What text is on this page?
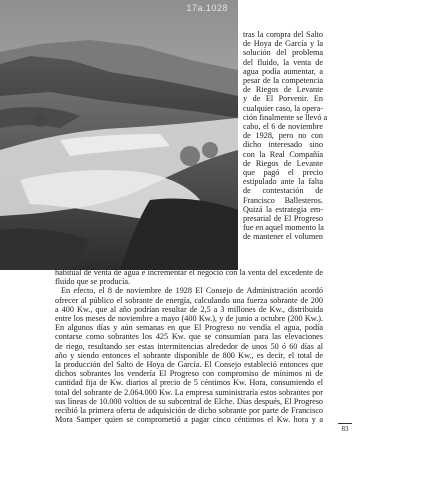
17a.1028
tras la compra del Salto
de Hoya de García y la
solución del problema
del fluido, la venta de
agua podía aumentar, a
pesar de la competencia
de Riegos de Levante
y de El Porvenir. En
cualquier caso, la opera-
ción finalmente se llevó a
cabo, el 6 de noviembre
de 1928, pero no con
dicho interesado sino
con la Real Compañía
de Riegos de Levante
que pagó el precio
estipulado ante la falta
de contestación de
Francisco Ballesteros.
Quizá la estrategia em-
presarial de El Progreso
fue en aquel momento la
de mantener el volumen
habitual de venta de agua e incrementar el negocio con la venta del excedente de
fluido que se producía.
En efecto, el 8 de noviembre de 1928 El Consejo de Administración acordó
ofrecer al público el sobrante de energía, calculando una fuerza sobrante de 200
a 400 Kw., que al año podrían resultar de 2,5 a 3 millones de Kw., distribuida
entre los meses de noviembre a mayo (400 Kw.), y de junio a octubre (200 Kw.).
En algunos días y aún semanas en que El Progreso no vendía el agua, podía
contarse como sobrantes los 425 Kw. que se consumían para las elevaciones
de riego, resultando ser estas intermitencias alrededor de unos 50 ó 60 días al
año y siendo entonces el sobrante disponible de 800 Kw., es decir, el total de
la producción del Salto de Hoya de García. El Consejo estableció entonces que
dichos sobrantes los vendería El Progreso con compromiso de mínimos ni de
cantidad fija de Kw. diarios al precio de 5 céntimos Kw. Hora, consumiendo el
total del sobrante de 2.064.000 Kw. La empresa suministraría estos sobrantes por
sus líneas de 10.000 voltios de su subcentral de Elche. Días después, El Progreso
recibió la primera oferta de adquisición de dicho sobrante por parte de Francisco
Mora Samper quien se comprometió a pagar cinco céntimos el Kw. hora y a
83
